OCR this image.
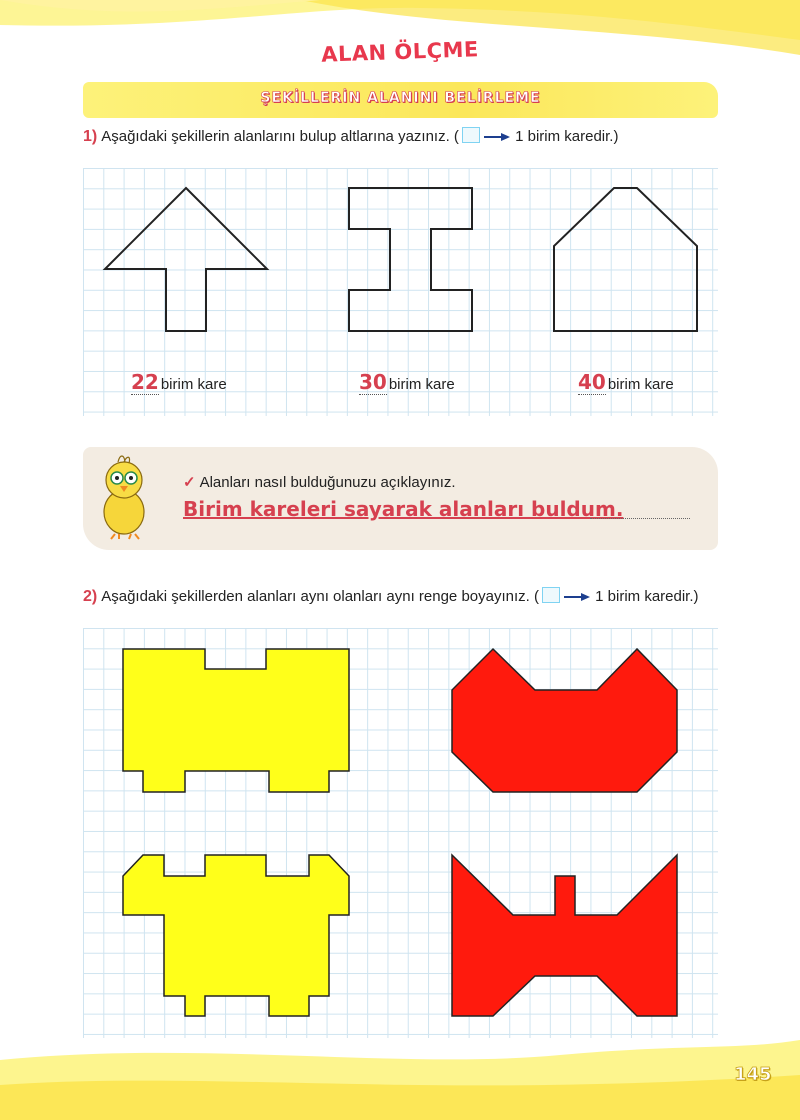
ALAN ÖLÇME
ŞEKİLLERİN ALANINI BELİRLEME
1) Aşağıdaki şekillerin alanlarını bulup altlarına yazınız. (	1 birim karedir.)
2) Aşağıdaki şekillerden alanları aynı olanları aynı renge boyayınız. (	1 birim karedir.)
22 birim kare	30 birim kare	40 birim kare
✓ Alanları nasıl bulduğunuzu açıklayınız.
Birim kareleri sayarak alanları buldum.
145
